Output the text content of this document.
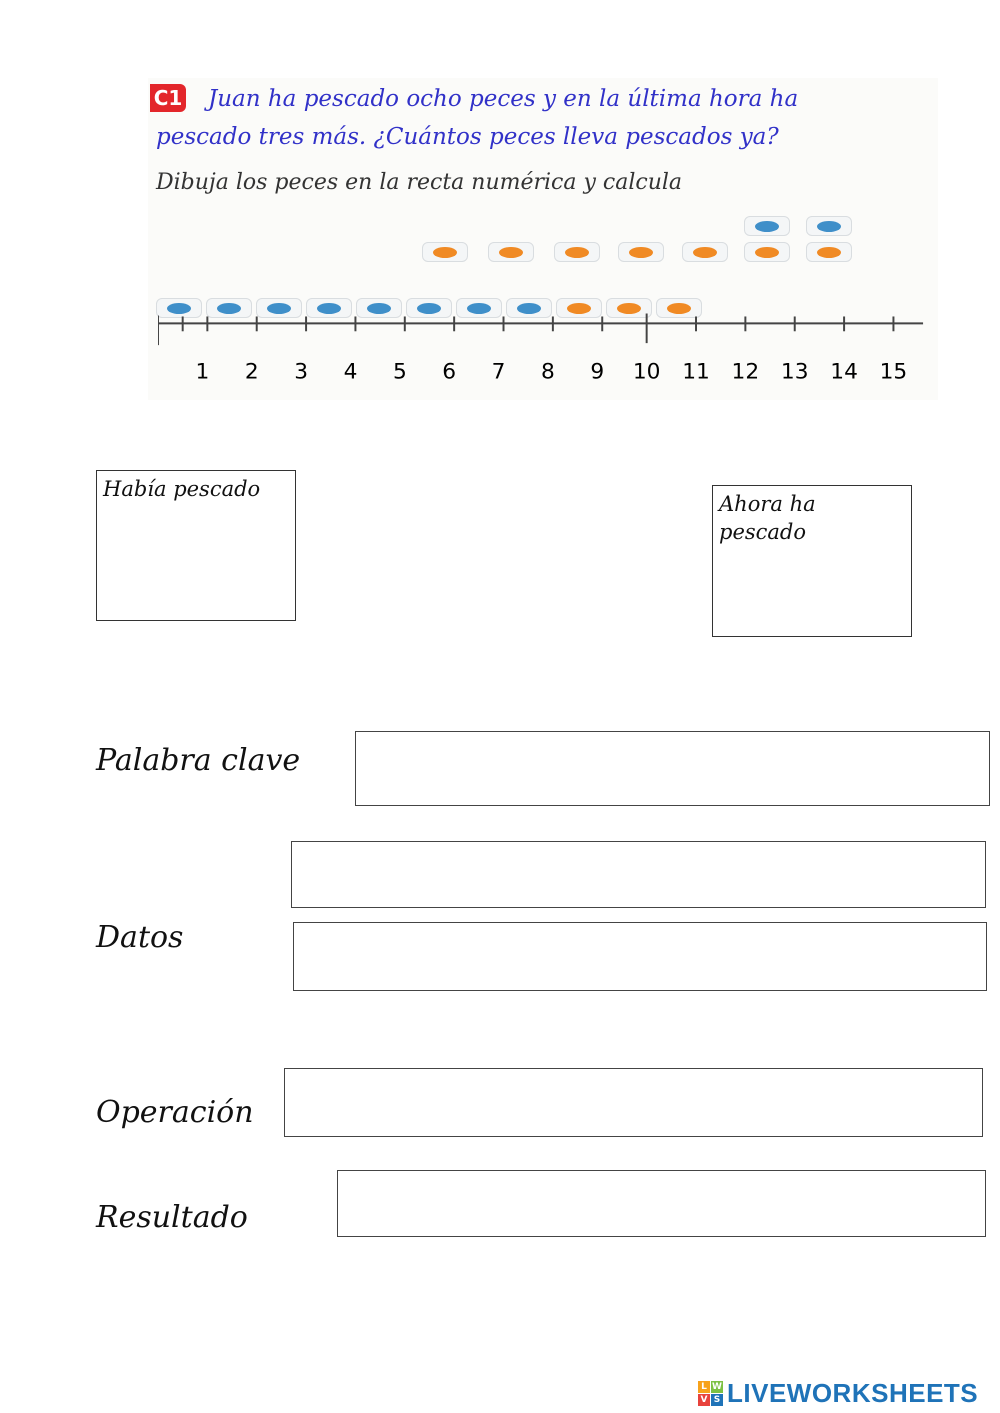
C1 Juan ha pescado ocho peces y en la última hora ha
pescado tres más. ¿Cuántos peces lleva pescados ya?
Dibuja los peces en la recta numérica y calcula
1 2 3 4 5 6 7 8 9 10 11 12 13 14 15
Había pescado
Ahora ha
pescado
Palabra clave
Datos
Operación
Resultado
L W
V S LIVEWORKSHEETS
